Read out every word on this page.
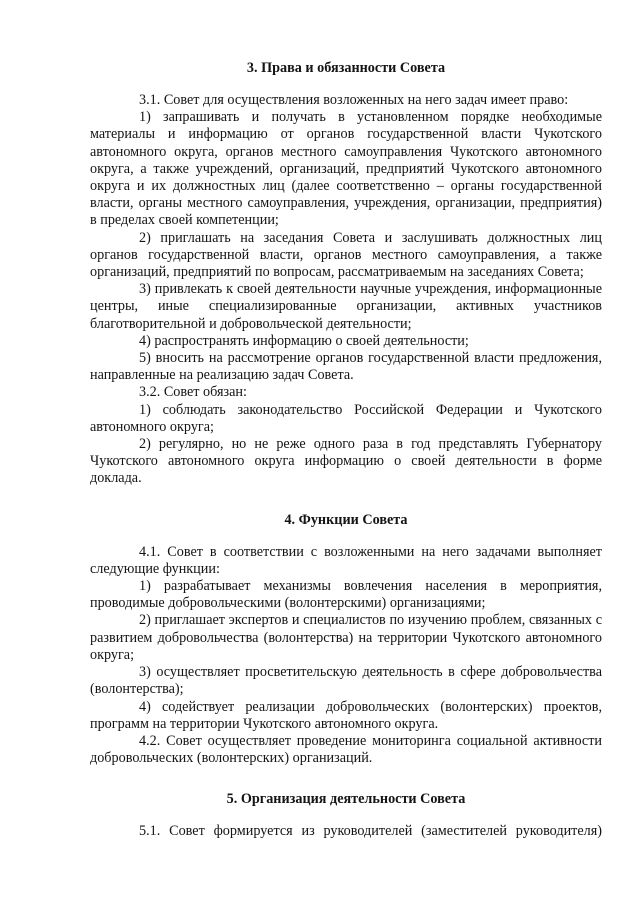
3. Права и обязанности Совета

3.1. Совет для осуществления возложенных на него задач имеет право:

1) запрашивать и получать в установленном порядке необходимые материалы и информацию от органов государственной власти Чукотского автономного округа, органов местного самоуправления Чукотского автономного округа, а также учреждений, организаций, предприятий Чукотского автономного округа и их должностных лиц (далее соответственно – органы государственной власти, органы местного самоуправления, учреждения, организации, предприятия) в пределах своей компетенции;

2) приглашать на заседания Совета и заслушивать должностных лиц органов государственной власти, органов местного самоуправления, а также организаций, предприятий по вопросам, рассматриваемым на заседаниях Совета;

3) привлекать к своей деятельности научные учреждения, информационные центры, иные специализированные организации, активных участников благотворительной и добровольческой деятельности;

4) распространять информацию о своей деятельности;

5) вносить на рассмотрение органов государственной власти предложения, направленные на реализацию задач Совета.

3.2. Совет обязан:

1) соблюдать законодательство Российской Федерации и Чукотского автономного округа;

2) регулярно, но не реже одного раза в год представлять Губернатору Чукотского автономного округа информацию о своей деятельности в форме доклада.

4. Функции Совета

4.1. Совет в соответствии с возложенными на него задачами выполняет следующие функции:

1) разрабатывает механизмы вовлечения населения в мероприятия, проводимые добровольческими (волонтерскими) организациями;

2) приглашает экспертов и специалистов по изучению проблем, связанных с развитием добровольчества (волонтерства) на территории Чукотского автономного округа;

3) осуществляет просветительскую деятельность в сфере добровольчества (волонтерства);

4) содействует реализации добровольческих (волонтерских) проектов, программ на территории Чукотского автономного округа.

4.2. Совет осуществляет проведение мониторинга социальной активности добровольческих (волонтерских) организаций.

5. Организация деятельности Совета

5.1. Совет формируется из руководителей (заместителей руководителя)
